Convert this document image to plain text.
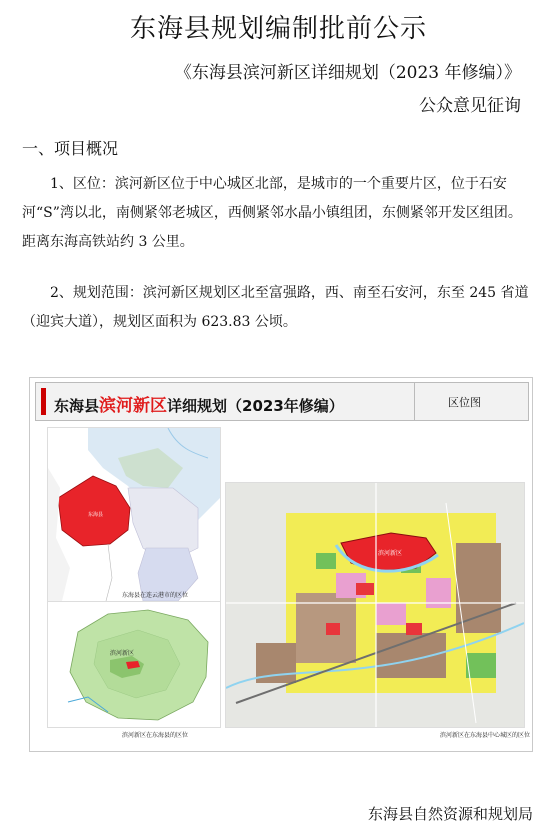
东海县规划编制批前公示
《东海县滨河新区详细规划（2023 年修编）》
公众意见征询
一、项目概况
1、区位：滨河新区位于中心城区北部，是城市的一个重要片区，位于石安河“S”湾以北，南侧紧邻老城区，西侧紧邻水晶小镇组团，东侧紧邻开发区组团。距离东海高铁站约 3 公里。
2、规划范围：滨河新区规划区北至富强路，西、南至石安河，东至 245 省道（迎宾大道），规划区面积为 623.83 公顷。
东海县滨河新区详细规划（2023年修编）	区位图
东海县
东海县在连云港市的区位
滨河新区
滨河新区在东海县的区位
滨河新区
滨河新区在东海县中心城区的区位
东海县自然资源和规划局
